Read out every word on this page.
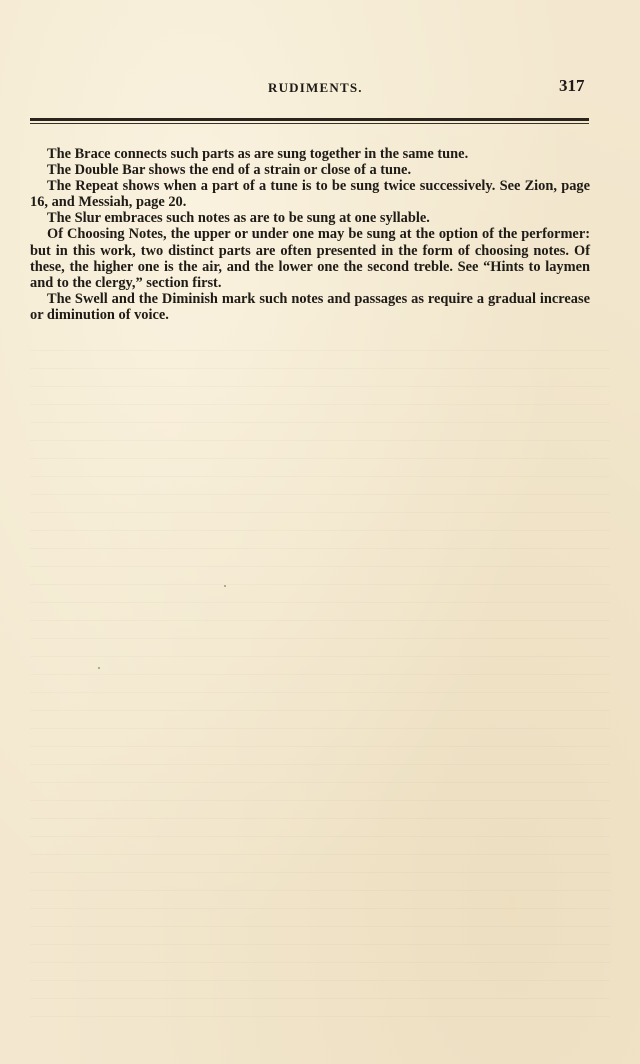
RUDIMENTS.	317

The Brace connects such parts as are sung together in the same tune.

The Double Bar shows the end of a strain or close of a tune.

The Repeat shows when a part of a tune is to be sung twice successively. See Zion, page 16, and Messiah, page 20.

The Slur embraces such notes as are to be sung at one syllable.

Of Choosing Notes, the upper or under one may be sung at the option of the performer: but in this work, two distinct parts are often presented in the form of choosing notes. Of these, the higher one is the air, and the lower one the second treble. See “Hints to laymen and to the clergy,” section first.

The Swell and the Diminish mark such notes and passages as require a gradual increase or diminution of voice.
